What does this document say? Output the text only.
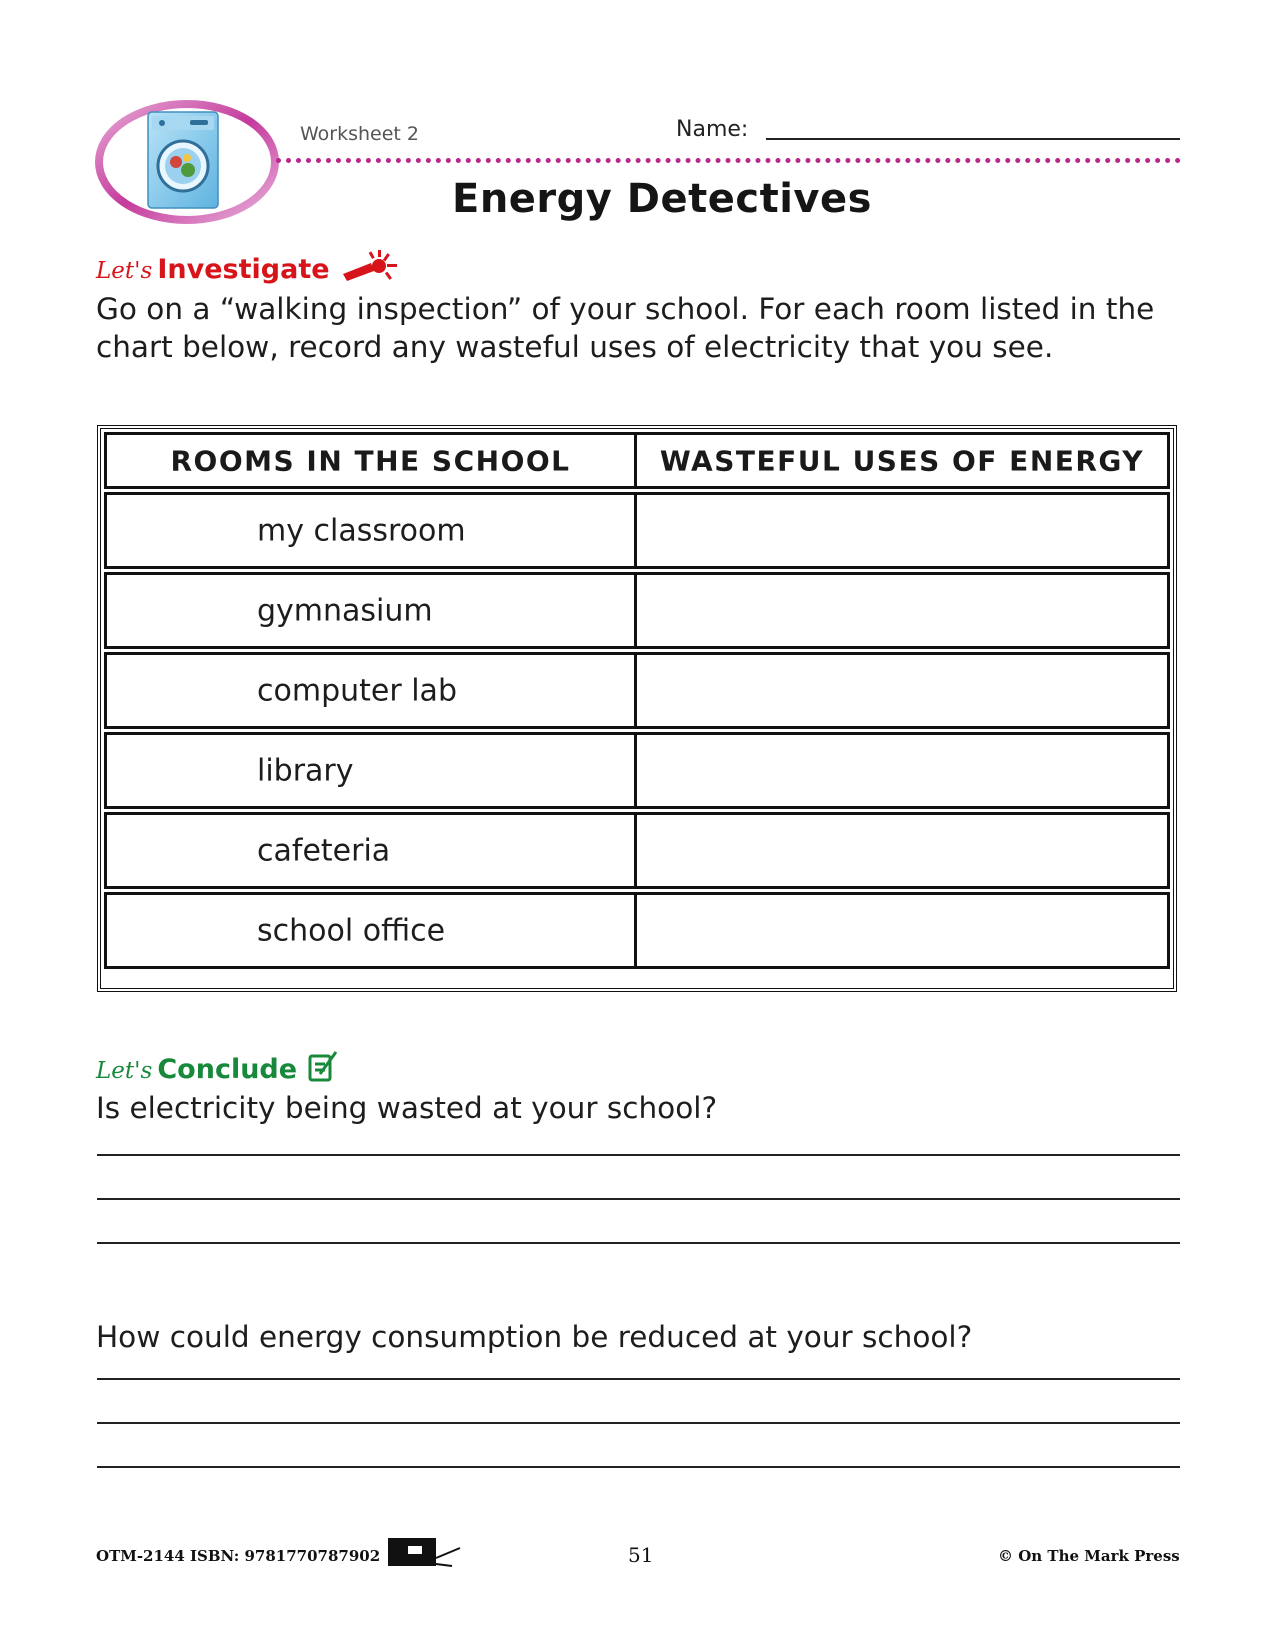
Worksheet 2	Name:
Energy Detectives
Let's Investigate
Go on a “walking inspection” of your school. For each room listed in the chart below, record any wasteful uses of electricity that you see.
ROOMS IN THE SCHOOL	WASTEFUL USES OF ENERGY
my classroom
gymnasium
computer lab
library
cafeteria
school office
Let's Conclude
Is electricity being wasted at your school?
How could energy consumption be reduced at your school?
OTM-2144 ISBN: 9781770787902	51	© On The Mark Press
